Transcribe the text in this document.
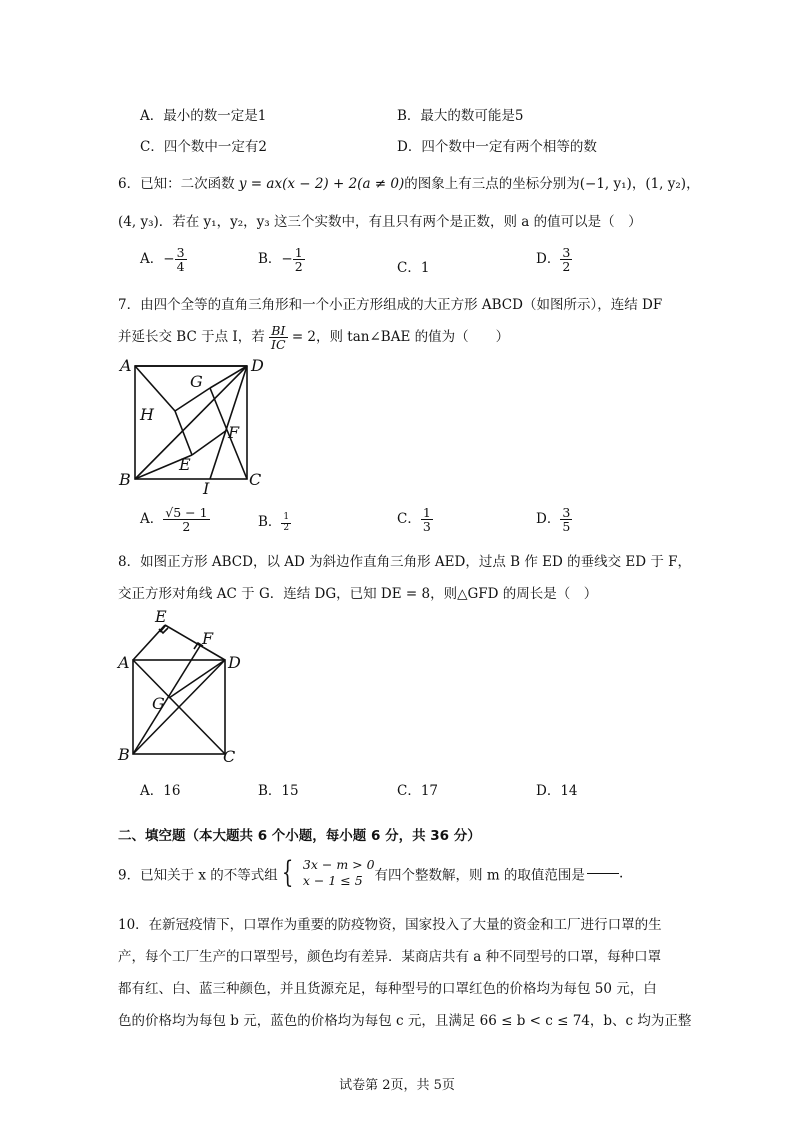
A．最小的数一定是1	B．最大的数可能是5
C．四个数中一定有2	D．四个数中一定有两个相等的数
6．已知：二次函数 y = ax(x − 2) + 2(a ≠ 0)的图象上有三点的坐标分别为(−1, y₁)，(1, y₂)，
(4, y₃)．若在 y₁，y₂，y₃ 这三个实数中，有且只有两个是正数，则 a 的值可以是（　）
A．− $\frac{3}{4}$	B．− $\frac{1}{2}$	C．1
D． $\frac{3}{2}$
7．由四个全等的直角三角形和一个小正方形组成的大正方形 ABCD（如图所示），连结 DF
并延长交 BC 于点 I，若 $\frac{BI}{IC} = 2$，则 tan∠BAE 的值为（　　）
A	D
G
H
F
E
B	I C
A． $\frac{√5 - 1}{2}$	B． $\frac{1}{2}$	C． $\frac{1}{3}$	D． $\frac{3}{5}$
8．如图正方形 ABCD，以 AD 为斜边作直角三角形 AED，过点 B 作 ED 的垂线交 ED 于 F，
交正方形对角线 AC 于 G．连结 DG，已知 DE = 8，则△GFD 的周长是（　）
E
F
A	D
G
B	C
A．16	B．15	C．17	D．14
二、填空题（本大题共 6 个小题，每小题 6 分，共 36 分）
9．已知关于 x 的不等式组 { 3x − m > 0
x − 1 ≤ 5 有四个整数解，则 m 的取值范围是	.
10．在新冠疫情下，口罩作为重要的防疫物资，国家投入了大量的资金和工厂进行口罩的生
产，每个工厂生产的口罩型号，颜色均有差异．某商店共有 a 种不同型号的口罩，每种口罩
都有红、白、蓝三种颜色，并且货源充足，每种型号的口罩红色的价格均为每包 50 元，白
色的价格均为每包 b 元，蓝色的价格均为每包 c 元，且满足 66 ≤ b < c ≤ 74，b、c 均为正整
试卷第 2页，共 5页
